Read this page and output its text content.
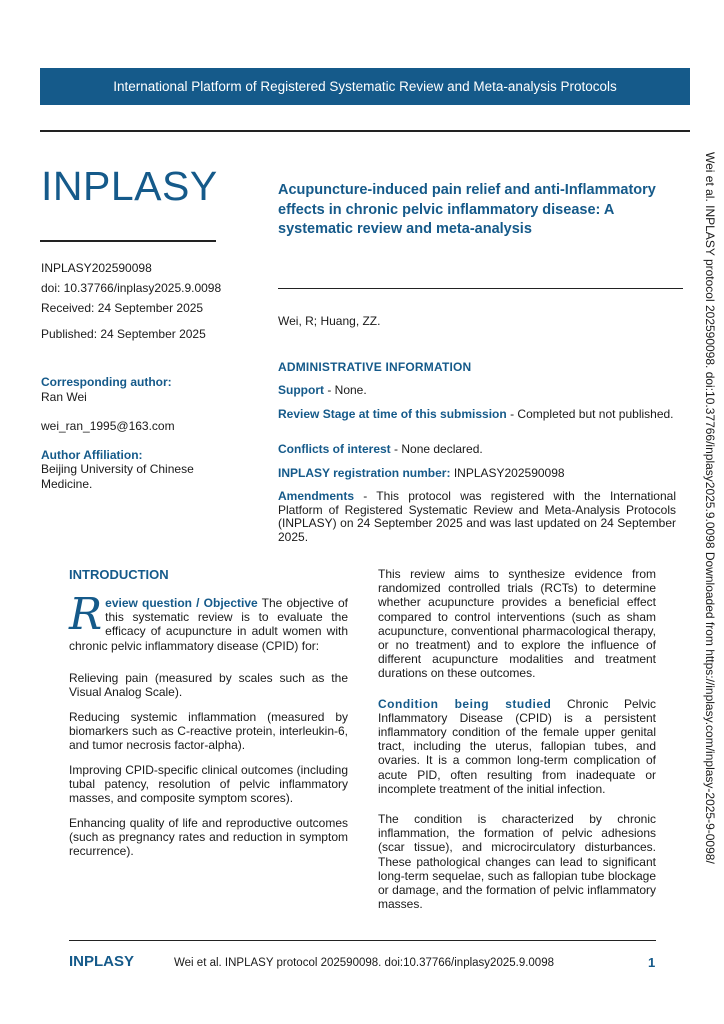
International Platform of Registered Systematic Review and Meta-analysis Protocols
INPLASY
INPLASY202590098
doi: 10.37766/inplasy2025.9.0098
Received: 24 September 2025
Published: 24 September 2025
Corresponding author:
Ran Wei
wei_ran_1995@163.com
Author Affiliation:
Beijing University of Chinese Medicine.
Acupuncture-induced pain relief and anti-Inflammatory effects in chronic pelvic inflammatory disease: A systematic review and meta-analysis
Wei, R; Huang, ZZ.
ADMINISTRATIVE INFORMATION
Support - None.
Review Stage at time of this submission - Completed but not published.
Conflicts of interest - None declared.
INPLASY registration number: INPLASY202590098
Amendments - This protocol was registered with the International Platform of Registered Systematic Review and Meta-Analysis Protocols (INPLASY) on 24 September 2025 and was last updated on 24 September 2025.	Wei et al. INPLASY protocol 202590098. doi:10.37766/inplasy2025.9.0098 Downloaded from https://inplasy.com/inplasy-2025-9-0098/
INTRODUCTION

Review question / Objective The objective of this systematic review is to evaluate the efficacy of acupuncture in adult women with chronic pelvic inflammatory disease (CPID) for:

Relieving pain (measured by scales such as the Visual Analog Scale).

Reducing systemic inflammation (measured by biomarkers such as C-reactive protein, interleukin-6, and tumor necrosis factor-alpha).

Improving CPID-specific clinical outcomes (including tubal patency, resolution of pelvic inflammatory masses, and composite symptom scores).

Enhancing quality of life and reproductive outcomes (such as pregnancy rates and reduction in symptom recurrence).

This review aims to synthesize evidence from randomized controlled trials (RCTs) to determine whether acupuncture provides a beneficial effect compared to control interventions (such as sham acupuncture, conventional pharmacological therapy, or no treatment) and to explore the influence of different acupuncture modalities and treatment durations on these outcomes.

Condition being studied Chronic Pelvic Inflammatory Disease (CPID) is a persistent inflammatory condition of the female upper genital tract, including the uterus, fallopian tubes, and ovaries. It is a common long-term complication of acute PID, often resulting from inadequate or incomplete treatment of the initial infection.

The condition is characterized by chronic inflammation, the formation of pelvic adhesions (scar tissue), and microcirculatory disturbances. These pathological changes can lead to significant long-term sequelae, such as fallopian tube blockage or damage, and the formation of pelvic inflammatory masses.

INPLASY	Wei et al. INPLASY protocol 202590098. doi:10.37766/inplasy2025.9.0098	1
